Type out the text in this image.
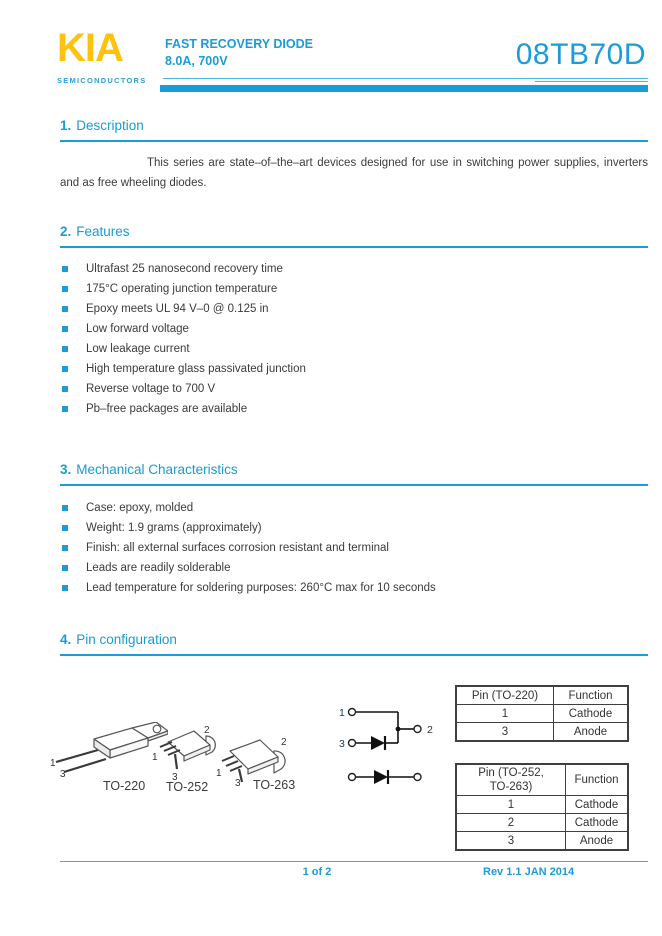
KIA
SEMICONDUCTORS
FAST RECOVERY DIODE
8.0A, 700V	08TB70D
1. Description
This series are state–of–the–art devices designed for use in switching power supplies, inverters and as free wheeling diodes.
2. Features
Ultrafast 25 nanosecond recovery time
175°C operating junction temperature
Epoxy meets UL 94 V–0 @ 0.125 in
Low forward voltage
Low leakage current
High temperature glass passivated junction
Reverse voltage to 700 V
Pb–free packages are available
3. Mechanical Characteristics
Case: epoxy, molded
Weight: 1.9 grams (approximately)
Finish: all external surfaces corrosion resistant and terminal
Leads are readily solderable
Lead temperature for soldering purposes: 260°C max for 10 seconds
4. Pin configuration
1
3
TO-220
1
3
2
TO-252
1
3
2
TO-263
1
3
2
Pin (TO-220)	Function
1	Cathode
3	Anode
Pin (TO-252,
TO-263)	Function
1	Cathode
2	Cathode
3	Anode
1 of 2	Rev 1.1 JAN 2014
